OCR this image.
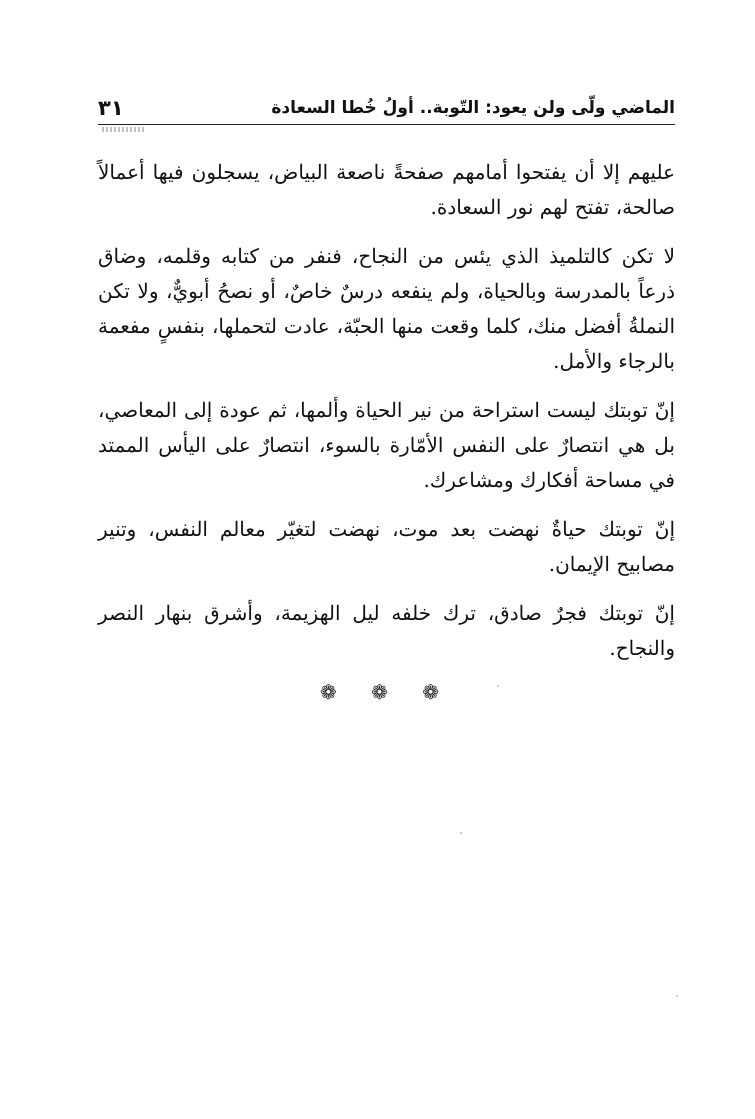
الماضي ولّى ولن يعود: التّوبة.. أولُ خُطا السعادة
٣١

عليهم إلا أن يفتحوا أمامهم صفحةً ناصعة البياض، يسجلون فيها أعمالاً صالحة، تفتح لهم نور السعادة.

لا تكن كالتلميذ الذي يئس من النجاح، فنفر من كتابه وقلمه، وضاق ذرعاً بالمدرسة وبالحياة، ولم ينفعه درسٌ خاصٌ، أو نصحُ أبويٌّ، ولا تكن النملةُ أفضل منك، كلما وقعت منها الحبّة، عادت لتحملها، بنفسٍ مفعمة بالرجاء والأمل.

إنّ توبتك ليست استراحة من نير الحياة وألمها، ثم عودة إلى المعاصي، بل هي انتصارٌ على النفس الأمّارة بالسوء، انتصارٌ على اليأس الممتد في مساحة أفكارك ومشاعرك.

إنّ توبتك حياةٌ نهضت بعد موت، نهضت لتغيّر معالم النفس، وتنير مصابيح الإيمان.

إنّ توبتك فجرٌ صادق، ترك خلفه ليل الهزيمة، وأشرق بنهار النصر والنجاح.

❁ ❁ ❁
